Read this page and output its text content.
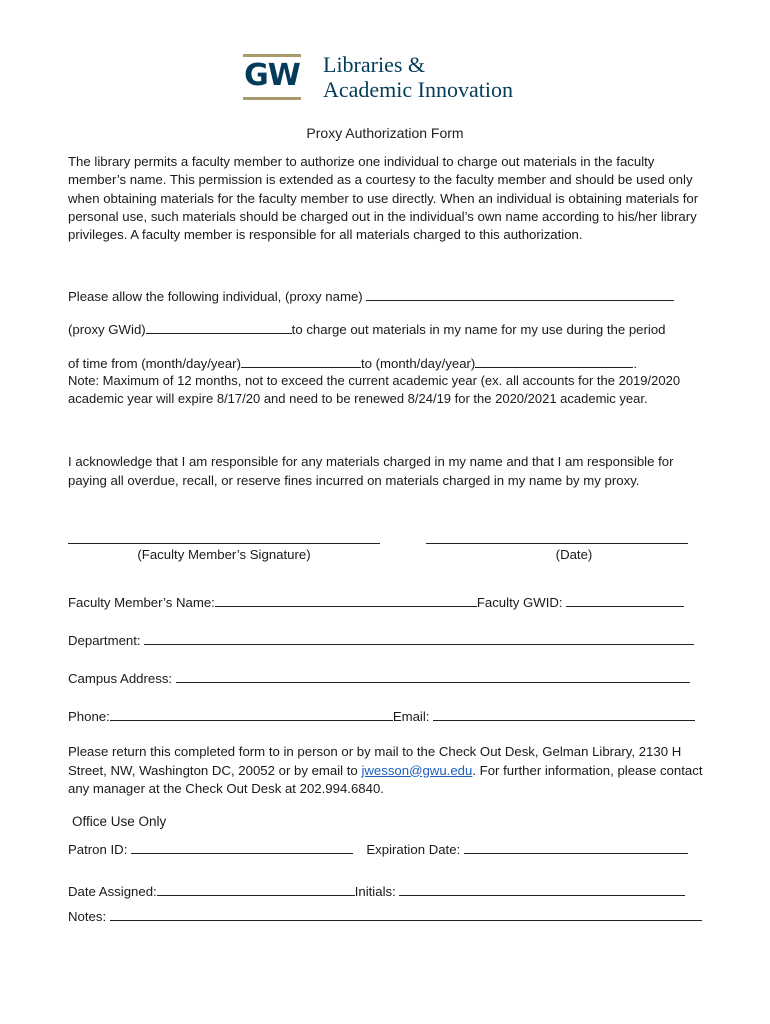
GW Libraries &
Academic Innovation
Proxy Authorization Form

The library permits a faculty member to authorize one individual to charge out materials in the faculty member’s name. This permission is extended as a courtesy to the faculty member and should be used only when obtaining materials for the faculty member to use directly. When an individual is obtaining materials for personal use, such materials should be charged out in the individual’s own name according to his/her library privileges. A faculty member is responsible for all materials charged to this authorization.

Please allow the following individual, (proxy name)
(proxy GWid)	to charge out materials in my name for my use during the period
of time from (month/day/year)	to (month/day/year)	.

Note: Maximum of 12 months, not to exceed the current academic year (ex. all accounts for the 2019/2020 academic year will expire 8/17/20 and need to be renewed 8/24/19 for the 2020/2021 academic year.

I acknowledge that I am responsible for any materials charged in my name and that I am responsible for paying all overdue, recall, or reserve fines incurred on materials charged in my name by my proxy.

(Faculty Member’s Signature)	(Date)
Faculty Member’s Name:	Faculty GWID:
Department:
Campus Address:
Phone:	Email:

Please return this completed form to in person or by mail to the Check Out Desk, Gelman Library, 2130 H Street, NW, Washington DC, 20052 or by email to jwesson@gwu.edu. For further information, please contact any manager at the Check Out Desk at 202.994.6840.

Office Use Only
Patron ID:	Expiration Date:
Date Assigned:	Initials:
Notes:
